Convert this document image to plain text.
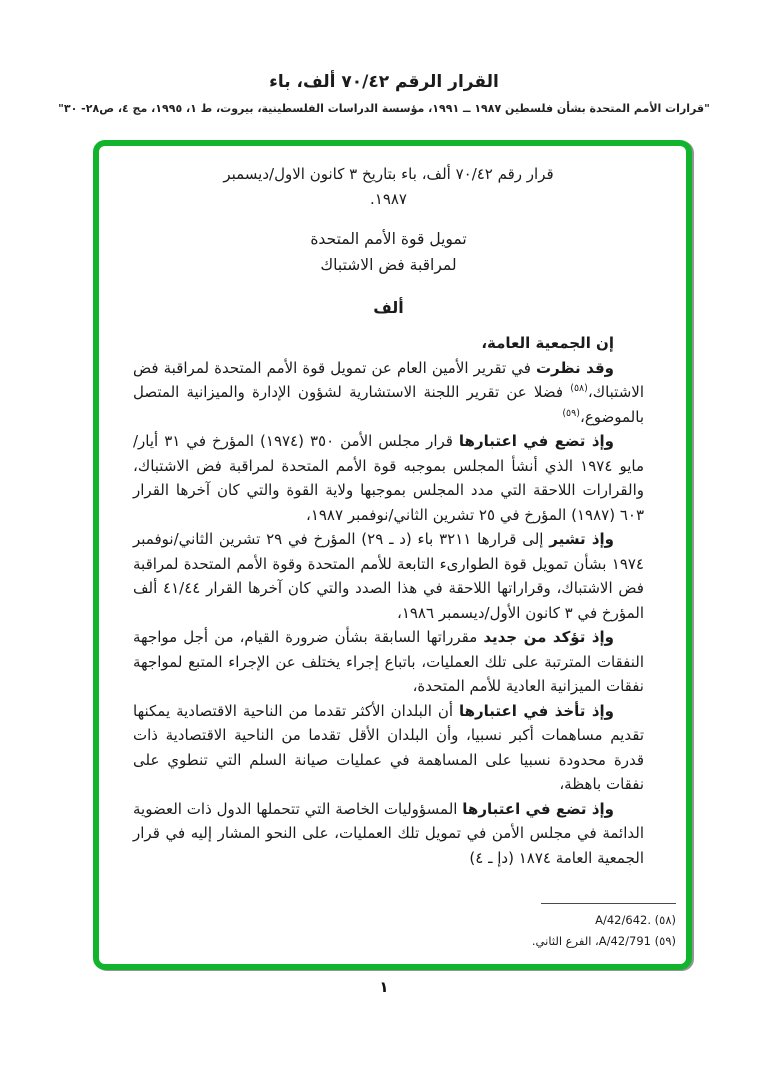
القرار الرقم ٧٠/٤٢ ألف، باء
"قرارات الأمم المتحدة بشأن فلسطين ١٩٨٧ ــ ١٩٩١، مؤسسة الدراسات الفلسطينية، بيروت، ط ١، ١٩٩٥، مج ٤، ص٢٨- ٣٠"
قرار رقم ٧٠/٤٢ ألف، باء بتاريخ ٣ كانون الاول/ديسمبر
١٩٨٧.
تمويل قوة الأمم المتحدة
لمراقبة فض الاشتباك
ألف

إن الجمعية العامة،

وقد نظرت في تقرير الأمين العام عن تمويل قوة الأمم المتحدة لمراقبة فض الاشتباك،$^{(٥٨)}$ فضلا عن تقرير اللجنة الاستشارية لشؤون الإدارة والميزانية المتصل بالموضوع،$^{(٥٩)}$

وإذ تضع في اعتبارها قرار مجلس الأمن ٣٥٠ (١٩٧٤) المؤرخ في ٣١ أيار/مايو ١٩٧٤ الذي أنشأ المجلس بموجبه قوة الأمم المتحدة لمراقبة فض الاشتباك، والقرارات اللاحقة التي مدد المجلس بموجبها ولاية القوة والتي كان آخرها القرار ٦٠٣ (١٩٨٧) المؤرخ في ٢٥ تشرين الثاني/نوفمبر ١٩٨٧،

وإذ تشير إلى قرارها ٣٢١١ باء (د ـ ٢٩) المؤرخ في ٢٩ تشرين الثاني/نوفمبر ١٩٧٤ بشأن تمويل قوة الطوارىء التابعة للأمم المتحدة وقوة الأمم المتحدة لمراقبة فض الاشتباك، وقراراتها اللاحقة في هذا الصدد والتي كان آخرها القرار ٤١/٤٤ ألف المؤرخ في ٣ كانون الأول/ديسمبر ١٩٨٦،

وإذ تؤكد من جديد مقرراتها السابقة بشأن ضرورة القيام، من أجل مواجهة النفقات المترتبة على تلك العمليات، باتباع إجراء يختلف عن الإجراء المتبع لمواجهة نفقات الميزانية العادية للأمم المتحدة،

وإذ تأخذ في اعتبارها أن البلدان الأكثر تقدما من الناحية الاقتصادية يمكنها تقديم مساهمات أكبر نسبيا، وأن البلدان الأقل تقدما من الناحية الاقتصادية ذات قدرة محدودة نسبيا على المساهمة في عمليات صيانة السلم التي تنطوي على نفقات باهظة،

وإذ تضع في اعتبارها المسؤوليات الخاصة التي تتحملها الدول ذات العضوية الدائمة في مجلس الأمن في تمويل تلك العمليات، على النحو المشار إليه في قرار الجمعية العامة ١٨٧٤ (دإ ـ ٤)

(٥٨) A/42/642.
(٥٩) A/42/791، الفرع الثاني.
١
